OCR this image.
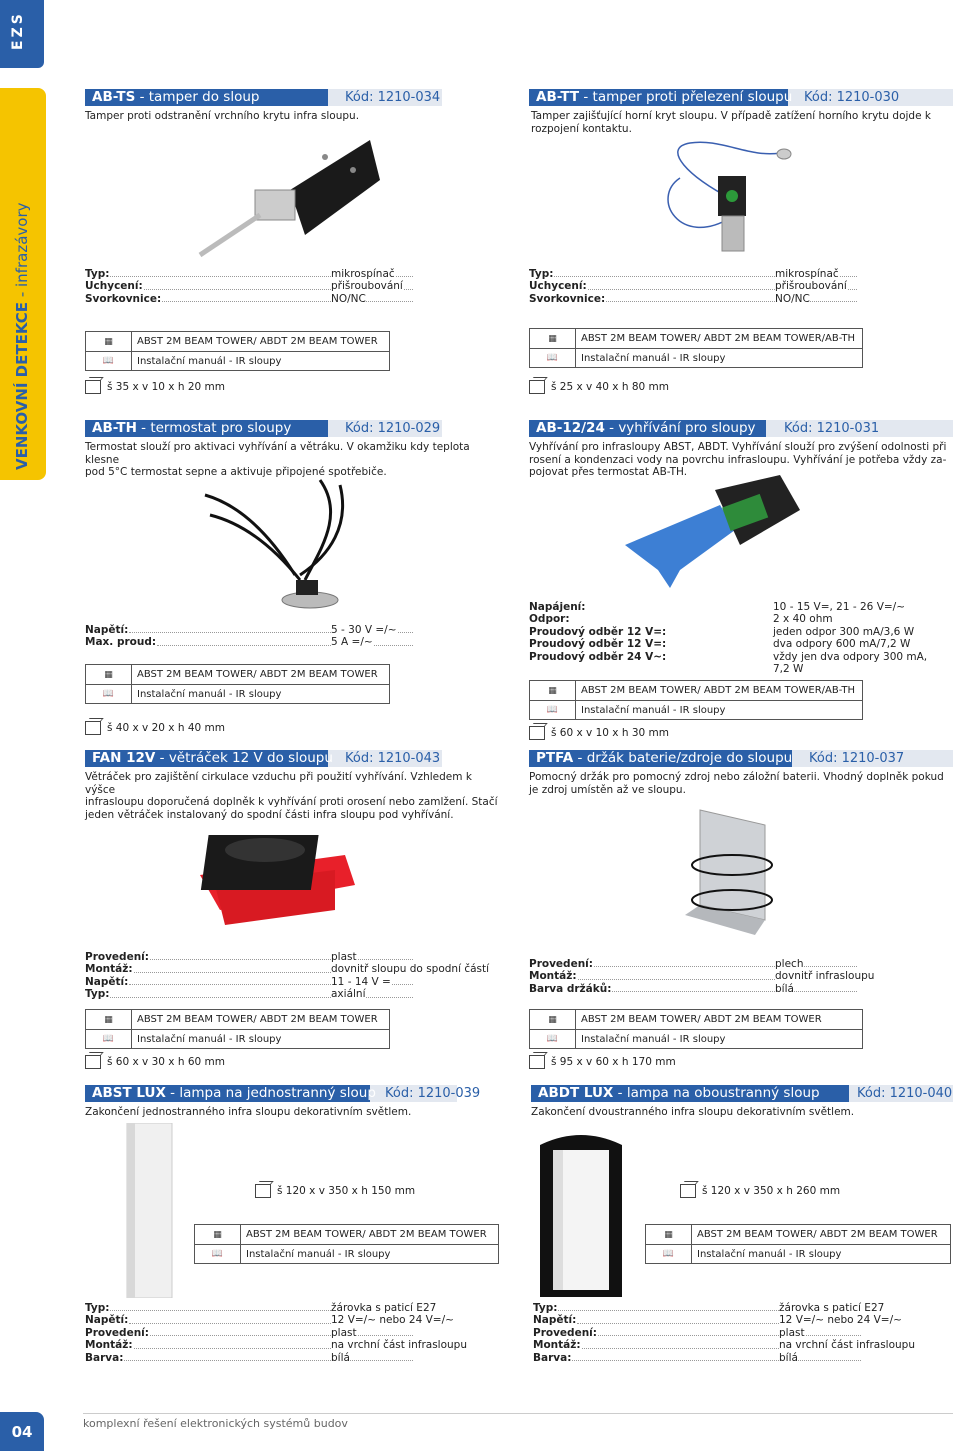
EZS
VENKOVNÍ DETEKCE - infrazávory
AB-TS - tamper do sloup	Kód: 1210-034
Tamper proti odstranění vrchního krytu infra sloupu.
Typ:	mikrospínač
Uchycení:	přišroubování
Svorkovnice:	NO/NC
▦	ABST 2M BEAM TOWER/ ABDT 2M BEAM TOWER
📖	Instalační manuál - IR sloupy
š 35 x v 10 x h 20 mm
AB-TT - tamper proti přelezení sloupu Kód: 1210-030
Tamper zajišťující horní kryt sloupu. V případě zatížení horního krytu dojde k
rozpojení kontaktu.
Typ:	mikrospínač
Uchycení:	přišroubování
Svorkovnice:	NO/NC
▦	ABST 2M BEAM TOWER/ ABDT 2M BEAM TOWER/AB-TH
📖	Instalační manuál - IR sloupy
š 25 x v 40 x h 80 mm
AB-TH - termostat pro sloupy	Kód: 1210-029
Termostat slouží pro aktivaci vyhřívání a větráku. V okamžiku kdy teplota klesne
pod 5°C termostat sepne a aktivuje připojené spotřebiče.
Napětí:	5 - 30 V =/~
Max. proud:	5 A =/~
▦	ABST 2M BEAM TOWER/ ABDT 2M BEAM TOWER
📖	Instalační manuál - IR sloupy
š 40 x v 20 x h 40 mm
AB-12/24 - vyhřívání pro sloupy	Kód: 1210-031
Vyhřívání pro infrasloupy ABST, ABDT. Vyhřívání slouží pro zvýšení odolnosti při
rosení a kondenzaci vody na povrchu infrasloupu. Vyhřívání je potřeba vždy za-
pojovat přes termostat AB-TH.
Napájení:	10 - 15 V=, 21 - 26 V=/~
Odpor:	2 x 40 ohm
Proudový odběr 12 V=:	jeden odpor 300 mA/3,6 W
Proudový odběr 12 V=:	dva odpory 600 mA/7,2 W
Proudový odběr 24 V~:	vždy jen dva odpory 300 mA,
7,2 W
▦	ABST 2M BEAM TOWER/ ABDT 2M BEAM TOWER/AB-TH
📖	Instalační manuál - IR sloupy
š 60 x v 10 x h 30 mm
FAN 12V - větráček 12 V do sloupu Kód: 1210-043
Větráček pro zajištění cirkulace vzduchu při použití vyhřívání. Vzhledem k výšce
infrasloupu doporučená doplněk k vyhřívání proti orosení nebo zamlžení. Stačí
jeden větráček instalovaný do spodní části infra sloupu pod vyhřívání.
Provedení:	plast
Montáž:	dovnitř sloupu do spodní částí
Napětí:	11 - 14 V =
Typ:	axiální
▦	ABST 2M BEAM TOWER/ ABDT 2M BEAM TOWER
📖	Instalační manuál - IR sloupy
š 60 x v 30 x h 60 mm
PTFA - držák baterie/zdroje do sloupu Kód: 1210-037
Pomocný držák pro pomocný zdroj nebo záložní baterii. Vhodný doplněk pokud
je zdroj umístěn až ve sloupu.
Provedení:	plech
Montáž:	dovnitř infrasloupu
Barva držáků:	bílá
▦	ABST 2M BEAM TOWER/ ABDT 2M BEAM TOWER
📖	Instalační manuál - IR sloupy
š 95 x v 60 x h 170 mm
ABST LUX - lampa na jednostranný sloup Kód: 1210-039
Zakončení jednostranného infra sloupu dekorativním světlem.
š 120 x v 350 x h 150 mm
▦	ABST 2M BEAM TOWER/ ABDT 2M BEAM TOWER
📖	Instalační manuál - IR sloupy
Typ:	žárovka s paticí E27
Napětí:	12 V=/~ nebo 24 V=/~
Provedení:	plast
Montáž:	na vrchní část infrasloupu
Barva:	bílá
ABDT LUX - lampa na oboustranný sloup	Kód: 1210-040
Zakončení dvoustranného infra sloupu dekorativním světlem.
š 120 x v 350 x h 260 mm
▦	ABST 2M BEAM TOWER/ ABDT 2M BEAM TOWER
📖	Instalační manuál - IR sloupy
Typ:	žárovka s paticí E27
Napětí:	12 V=/~ nebo 24 V=/~
Provedení:	plast
Montáž:	na vrchní část infrasloupu
Barva:	bílá
komplexní řešení elektronických systémů budov
04
